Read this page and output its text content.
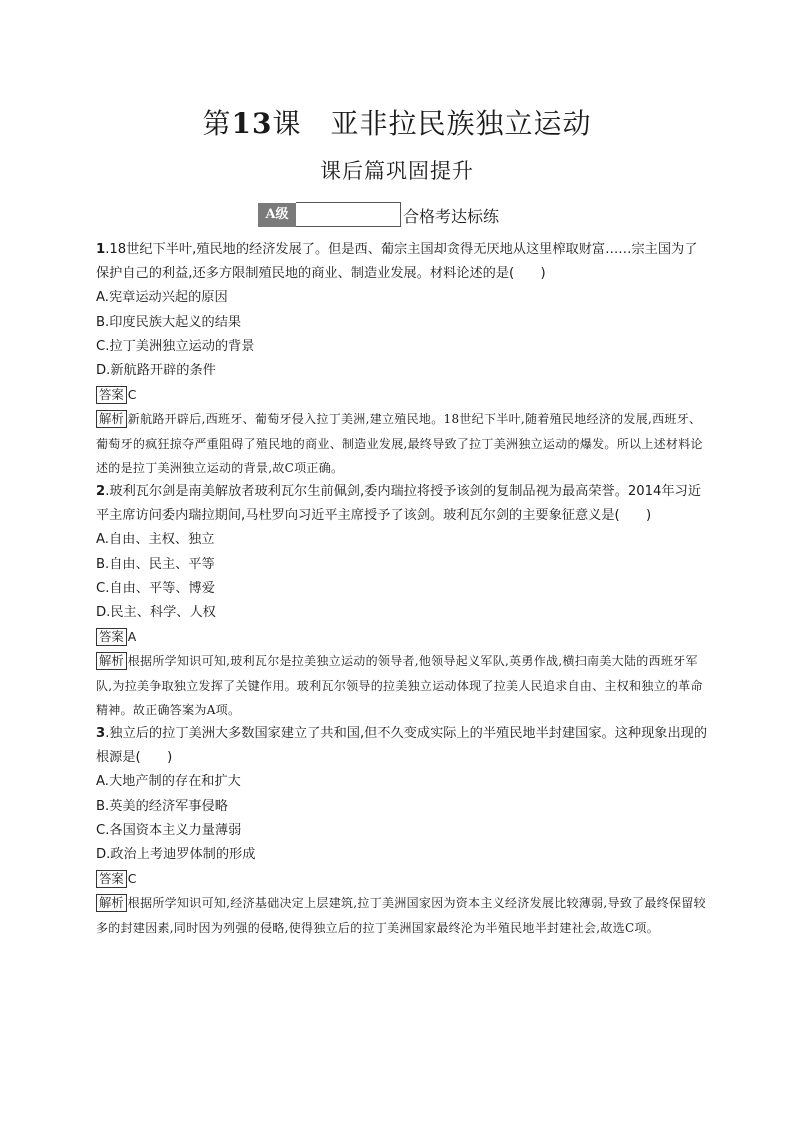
第13课　亚非拉民族独立运动
课后篇巩固提升
A级	合格考达标练
1.18世纪下半叶,殖民地的经济发展了。但是西、葡宗主国却贪得无厌地从这里榨取财富……宗主国为了保护自己的利益,还多方限制殖民地的商业、制造业发展。材料论述的是(　　)
A.宪章运动兴起的原因
B.印度民族大起义的结果
C.拉丁美洲独立运动的背景
D.新航路开辟的条件
答案 C
解析 新航路开辟后,西班牙、葡萄牙侵入拉丁美洲,建立殖民地。18世纪下半叶,随着殖民地经济的发展,西班牙、葡萄牙的疯狂掠夺严重阻碍了殖民地的商业、制造业发展,最终导致了拉丁美洲独立运动的爆发。所以上述材料论述的是拉丁美洲独立运动的背景,故C项正确。
2.玻利瓦尔剑是南美解放者玻利瓦尔生前佩剑,委内瑞拉将授予该剑的复制品视为最高荣誉。2014年习近平主席访问委内瑞拉期间,马杜罗向习近平主席授予了该剑。玻利瓦尔剑的主要象征意义是(　　)
A.自由、主权、独立
B.自由、民主、平等
C.自由、平等、博爱
D.民主、科学、人权
答案 A
解析 根据所学知识可知,玻利瓦尔是拉美独立运动的领导者,他领导起义军队,英勇作战,横扫南美大陆的西班牙军队,为拉美争取独立发挥了关键作用。玻利瓦尔领导的拉美独立运动体现了拉美人民追求自由、主权和独立的革命精神。故正确答案为A项。
3.独立后的拉丁美洲大多数国家建立了共和国,但不久变成实际上的半殖民地半封建国家。这种现象出现的根源是(　　)
A.大地产制的存在和扩大
B.英美的经济军事侵略
C.各国资本主义力量薄弱
D.政治上考迪罗体制的形成
答案 C
解析 根据所学知识可知,经济基础决定上层建筑,拉丁美洲国家因为资本主义经济发展比较薄弱,导致了最终保留较多的封建因素,同时因为列强的侵略,使得独立后的拉丁美洲国家最终沦为半殖民地半封建社会,故选C项。
